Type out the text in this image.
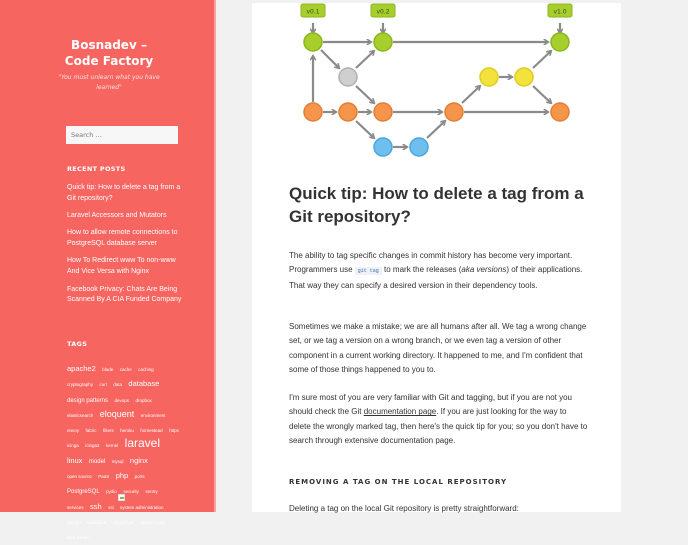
Bosnadev – Code Factory
"You must unlearn what you have learned"
Search …
RECENT POSTS
Quick tip: How to delete a tag from a Git repository?
Laravel Accessors and Mutators
How to allow remote connections to PostgreSQL database server
How To Redirect www To non-www And Vice Versa with Nginx
Facebook Privacy: Chats Are Being Scanned By A CIA Funded Company
TAGS
apache2 blade cache caching cryptography curl data database design patterns devops dropbox elasticsearch eloquent environment envoy fabric filters heroku homestead https icinga icinga2 kernel laravel linux model mysql nginx open source PaaS php ports PostgreSQL pydio security sentry services ssh ssl system administration ubuntu validation virtual host virtual hosts web server
v0.1	v0.2	v1.0
Quick tip: How to delete a tag from a Git repository?

The ability to tag specific changes in commit history has become very important. Programmers use git tag to mark the releases (aka versions) of their applications. That way they can specify a desired version in their dependency tools.

Sometimes we make a mistake; we are all humans after all. We tag a wrong change set, or we tag a version on a wrong branch, or we even tag a version of other component in a current working directory. It happened to me, and I'm confident that some of those things happened to you to.

I'm sure most of you are very familiar with Git and tagging, but if you are not you should check the Git documentation page. If you are just looking for the way to delete the wrongly marked tag, then here's the quick tip for you; so you don't have to search through extensive documentation page.

REMOVING A TAG ON THE LOCAL REPOSITORY

Deleting a tag on the local Git repository is pretty straightforward:
